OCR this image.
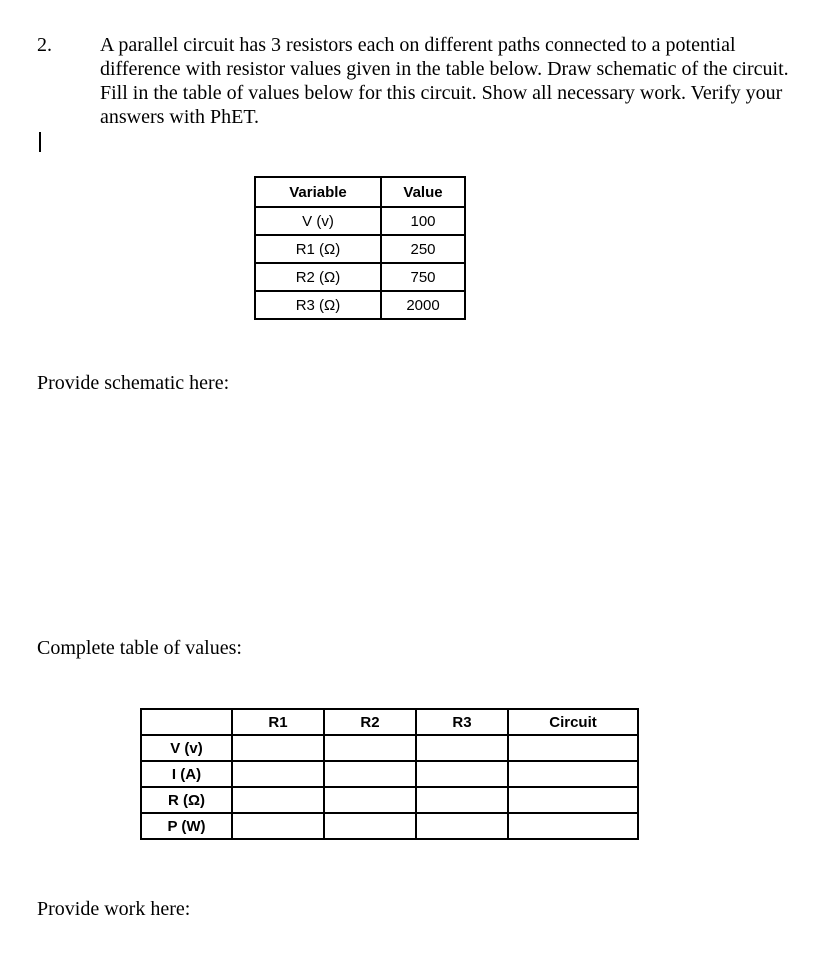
2. A parallel circuit has 3 resistors each on different paths connected to a potential difference with resistor values given in the table below. Draw schematic of the circuit. Fill in the table of values below for this circuit. Show all necessary work. Verify your answers with PhET.
Variable	Value
V (v)	100
R1 (Ω)	250
R2 (Ω)	750
R3 (Ω)	2000
Provide schematic here:
Complete table of values:
	R1	R2	R3	Circuit
V (v)				
I (A)				
R (Ω)				
P (W)				
Provide work here:
